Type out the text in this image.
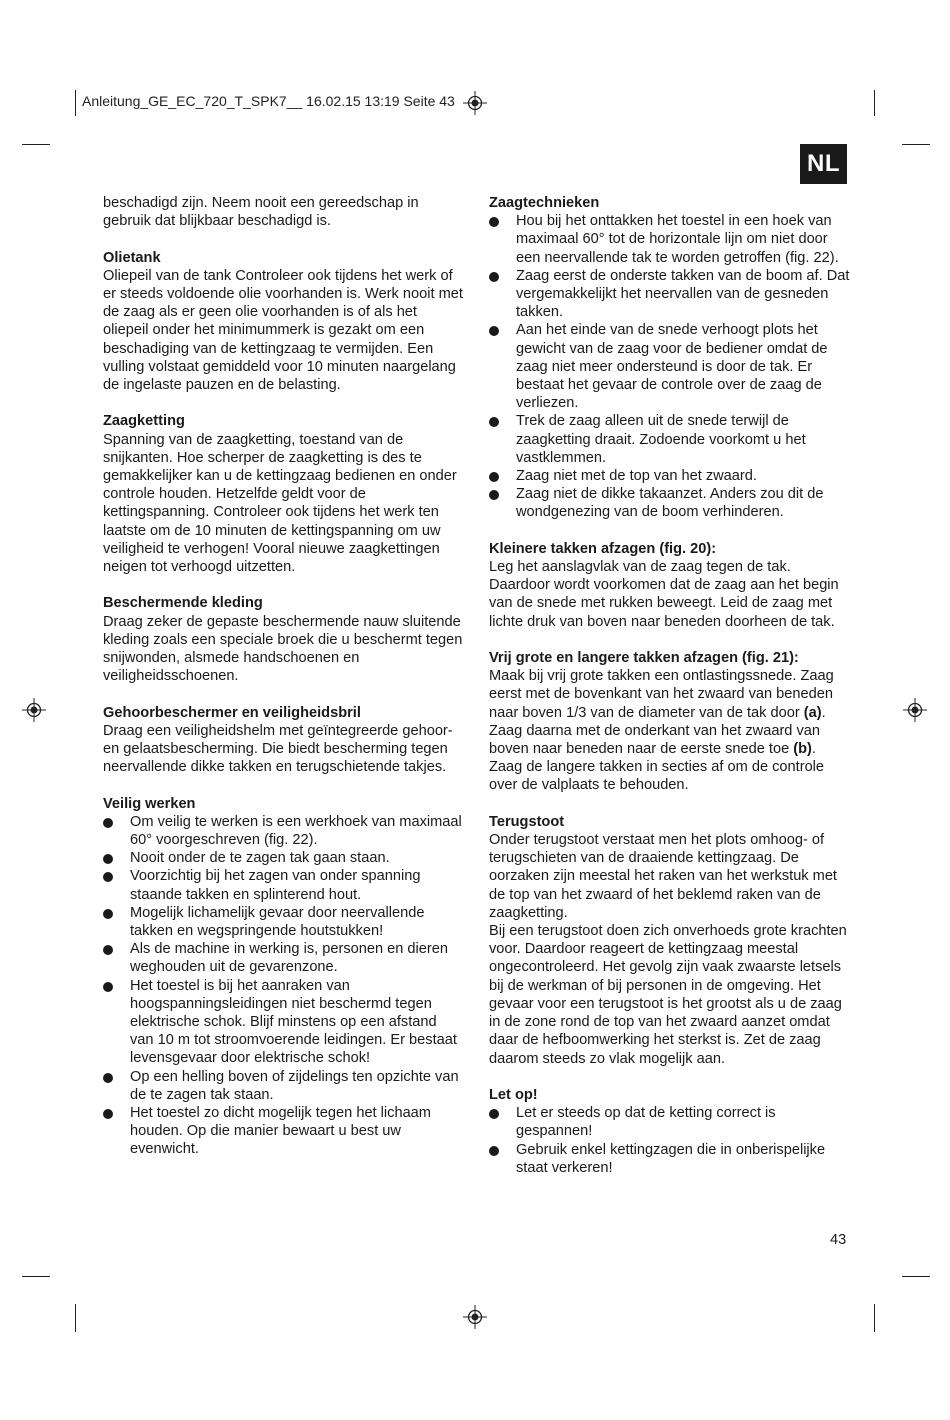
Anleitung_GE_EC_720_T_SPK7__ 16.02.15 13:19 Seite 43
NL

beschadigd zijn. Neem nooit een gereedschap in gebruik dat blijkbaar beschadigd is.

Olietank

Oliepeil van de tank Controleer ook tijdens het werk of er steeds voldoende olie voorhanden is. Werk nooit met de zaag als er geen olie voorhanden is of als het oliepeil onder het minimummerk is gezakt om een beschadiging van de kettingzaag te vermijden. Een vulling volstaat gemiddeld voor 10 minuten naargelang de ingelaste pauzen en de belasting.

Zaagketting

Spanning van de zaagketting, toestand van de snijkanten. Hoe scherper de zaagketting is des te gemakkelijker kan u de kettingzaag bedienen en onder controle houden. Hetzelfde geldt voor de kettingspanning. Controleer ook tijdens het werk ten laatste om de 10 minuten de kettingspanning om uw veiligheid te verhogen! Vooral nieuwe zaagkettingen neigen tot verhoogd uitzetten.

Beschermende kleding

Draag zeker de gepaste beschermende nauw sluitende kleding zoals een speciale broek die u beschermt tegen snijwonden, alsmede handschoenen en veiligheidsschoenen.

Gehoorbeschermer en veiligheidsbril

Draag een veiligheidshelm met geïntegreerde gehoor- en gelaatsbescherming. Die biedt bescherming tegen neervallende dikke takken en terugschietende takjes.

Veilig werken

Om veilig te werken is een werkhoek van maximaal 60° voorgeschreven (fig. 22).
Nooit onder de te zagen tak gaan staan.
Voorzichtig bij het zagen van onder spanning staande takken en splinterend hout.
Mogelijk lichamelijk gevaar door neervallende takken en wegspringende houtstukken!
Als de machine in werking is, personen en dieren weghouden uit de gevarenzone.
Het toestel is bij het aanraken van hoogspanningsleidingen niet beschermd tegen elektrische schok. Blijf minstens op een afstand van 10 m tot stroomvoerende leidingen. Er bestaat levensgevaar door elektrische schok!
Op een helling boven of zijdelings ten opzichte van de te zagen tak staan.
Het toestel zo dicht mogelijk tegen het lichaam houden. Op die manier bewaart u best uw evenwicht.

Zaagtechnieken

Hou bij het onttakken het toestel in een hoek van maximaal 60° tot de horizontale lijn om niet door een neervallende tak te worden getroffen (fig. 22).
Zaag eerst de onderste takken van de boom af. Dat vergemakkelijkt het neervallen van de gesneden takken.
Aan het einde van de snede verhoogt plots het gewicht van de zaag voor de bediener omdat de zaag niet meer ondersteund is door de tak. Er bestaat het gevaar de controle over de zaag de verliezen.
Trek de zaag alleen uit de snede terwijl de zaagketting draait. Zodoende voorkomt u het vastklemmen.
Zaag niet met de top van het zwaard.
Zaag niet de dikke takaanzet. Anders zou dit de wondgenezing van de boom verhinderen.

Kleinere takken afzagen (fig. 20):

Leg het aanslagvlak van de zaag tegen de tak. Daardoor wordt voorkomen dat de zaag aan het begin van de snede met rukken beweegt. Leid de zaag met lichte druk van boven naar beneden doorheen de tak.

Vrij grote en langere takken afzagen (fig. 21):

Maak bij vrij grote takken een ontlastingssnede. Zaag eerst met de bovenkant van het zwaard van beneden naar boven 1/3 van de diameter van de tak door (a). Zaag daarna met de onderkant van het zwaard van boven naar beneden naar de eerste snede toe (b).

Zaag de langere takken in secties af om de controle over de valplaats te behouden.

Terugstoot

Onder terugstoot verstaat men het plots omhoog- of terugschieten van de draaiende kettingzaag. De oorzaken zijn meestal het raken van het werkstuk met de top van het zwaard of het beklemd raken van de zaagketting.

Bij een terugstoot doen zich onverhoeds grote krachten voor. Daardoor reageert de kettingzaag meestal ongecontroleerd. Het gevolg zijn vaak zwaarste letsels bij de werkman of bij personen in de omgeving. Het gevaar voor een terugstoot is het grootst als u de zaag in de zone rond de top van het zwaard aanzet omdat daar de hefboomwerking het sterkst is. Zet de zaag daarom steeds zo vlak mogelijk aan.

Let op!

Let er steeds op dat de ketting correct is gespannen!
Gebruik enkel kettingzagen die in onberispelijke staat verkeren!
43
